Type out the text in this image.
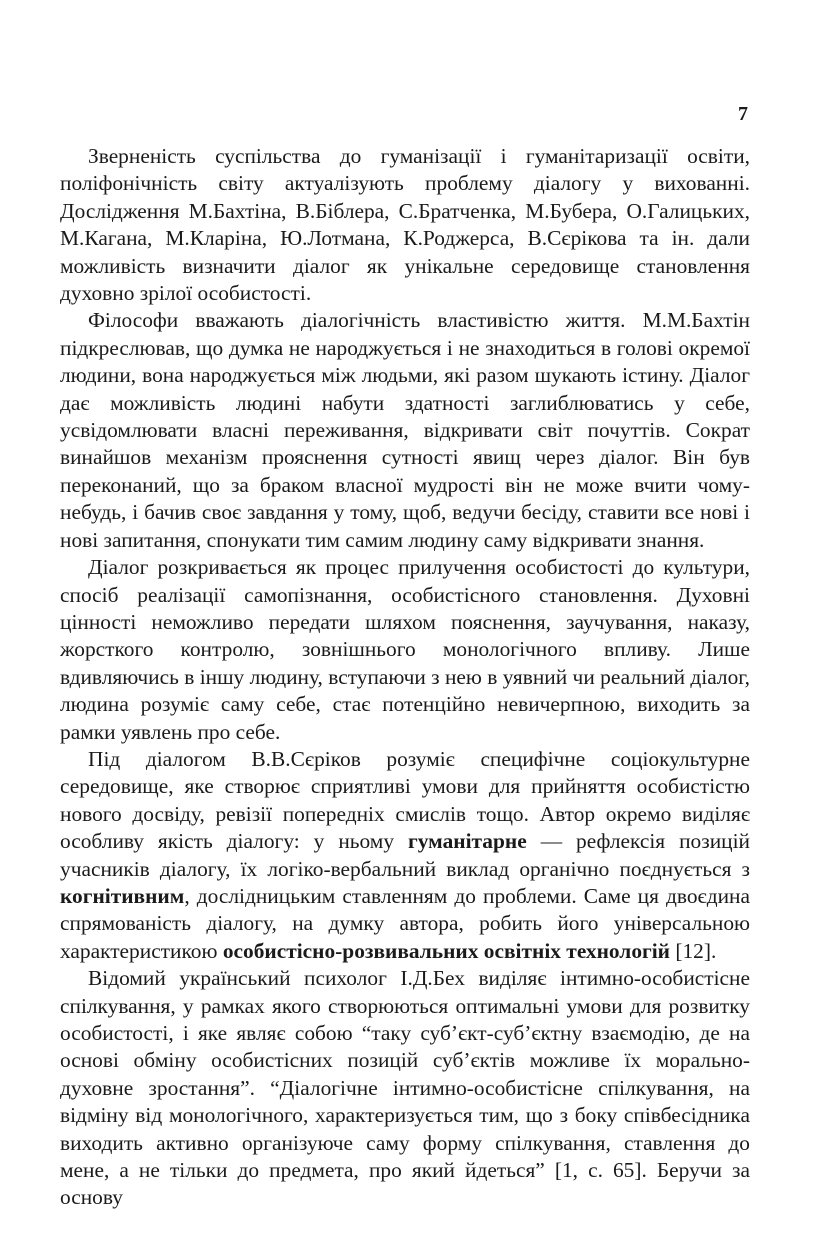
7

Зверненість суспільства до гуманізації і гуманітаризації освіти, поліфонічність світу актуалізують проблему діалогу у вихованні. Дослідження М.Бахтіна, В.Біблера, С.Братченка, М.Бубера, О.Галицьких, М.Кагана, М.Кларіна, Ю.Лотмана, К.Роджерса, В.Сєрікова та ін. дали можливість визначити діалог як унікальне середовище становлення духовно зрілої особистості.

Філософи вважають діалогічність властивістю життя. М.М.Бахтін підкреслював, що думка не народжується і не знаходиться в голові окремої людини, вона народжується між людьми, які разом шукають істину. Діалог дає можливість людині набути здатності заглиблюватись у себе, усвідомлювати власні переживання, відкривати світ почуттів. Сократ винайшов механізм прояснення сутності явищ через діалог. Він був переконаний, що за браком власної мудрості він не може вчити чому-небудь, і бачив своє завдання у тому, щоб, ведучи бесіду, ставити все нові і нові запитання, спонукати тим самим людину саму відкривати знання.

Діалог розкривається як процес прилучення особистості до культури, спосіб реалізації самопізнання, особистісного становлення. Духовні цінності неможливо передати шляхом пояснення, заучування, наказу, жорсткого контролю, зовнішнього монологічного впливу. Лише вдивляючись в іншу людину, вступаючи з нею в уявний чи реальний діалог, людина розуміє саму себе, стає потенційно невичерпною, виходить за рамки уявлень про себе.

Під діалогом В.В.Сєріков розуміє специфічне соціокультурне середовище, яке створює сприятливі умови для прийняття особистістю нового досвіду, ревізії попередніх смислів тощо. Автор окремо виділяє особливу якість діалогу: у ньому гуманітарне — рефлексія позицій учасників діалогу, їх логіко-вербальний виклад органічно поєднується з когнітивним, дослідницьким ставленням до проблеми. Саме ця двоєдина спрямованість діалогу, на думку автора, робить його універсальною характеристикою особистісно-розвивальних освітніх технологій [12].

Відомий український психолог І.Д.Бех виділяє інтимно-особистісне спілкування, у рамках якого створюються оптимальні умови для розвитку особистості, і яке являє собою “таку суб’єкт-суб’єктну взаємодію, де на основі обміну особистісних позицій суб’єктів можливе їх морально-духовне зростання”. “Діалогічне інтимно-особистісне спілкування, на відміну від монологічного, характеризується тим, що з боку співбесідника виходить активно організуюче саму форму спілкування, ставлення до мене, а не тільки до предмета, про який йдеться” [1, с. 65]. Беручи за основу
